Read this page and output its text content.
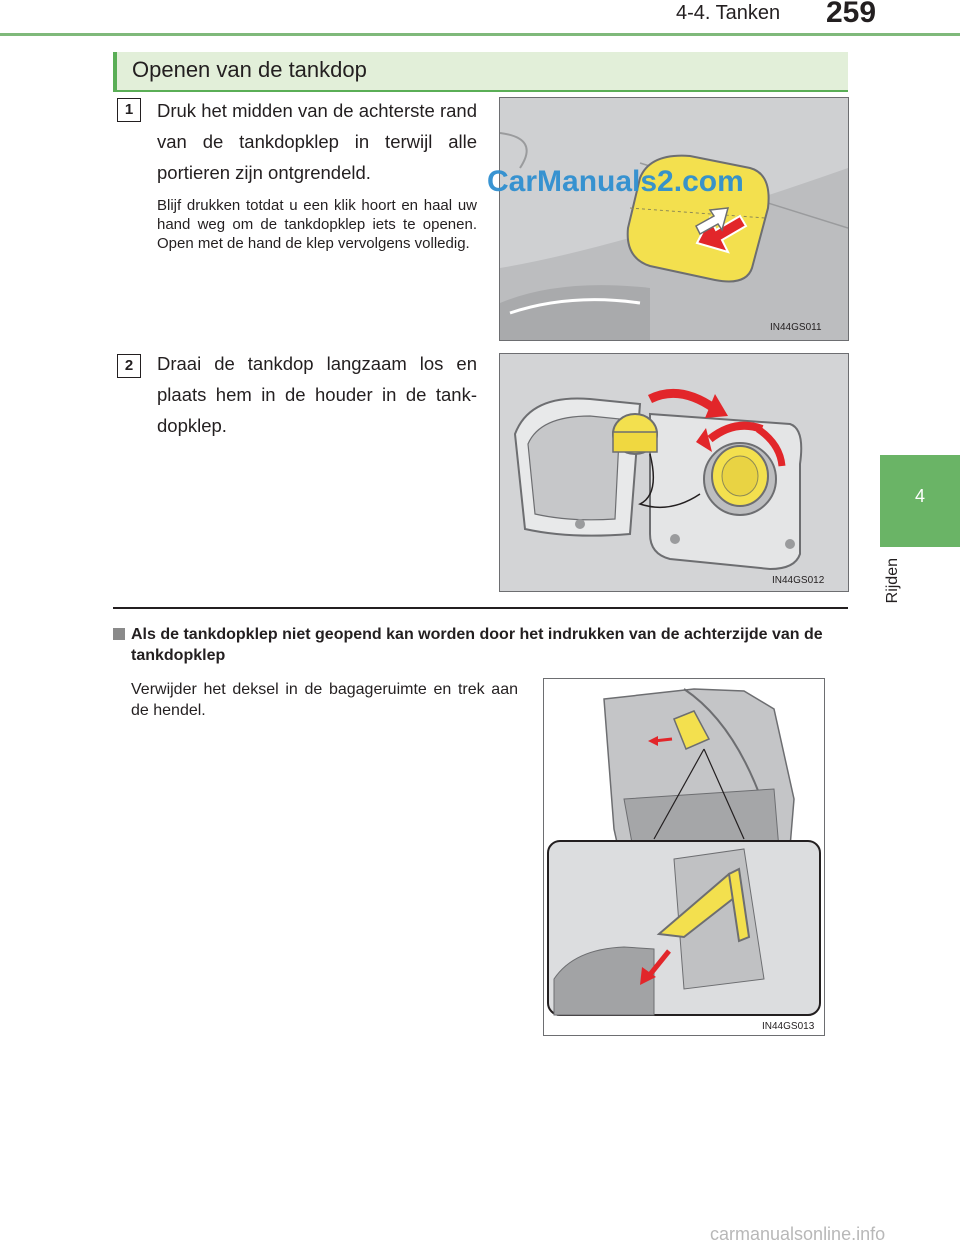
4-4. Tanken 259
4
Rijden
Openen van de tankdop
1	Druk het midden van de achterste rand van de tankdopklep in terwijl alle portieren zijn ontgrendeld.
Blijf drukken totdat u een klik hoort en haal uw hand weg om de tankdopklep iets te openen. Open met de hand de klep vervolgens volledig.
IN44GS011
2	Draai de tankdop langzaam los en plaats hem in de houder in de tank-dopklep.
IN44GS012
Als de tankdopklep niet geopend kan worden door het indrukken van de achterzijde van de tankdopklep
Verwijder het deksel in de bagageruimte en trek aan de hendel.
IN44GS013
CarManuals2.com
carmanualsonline.info
